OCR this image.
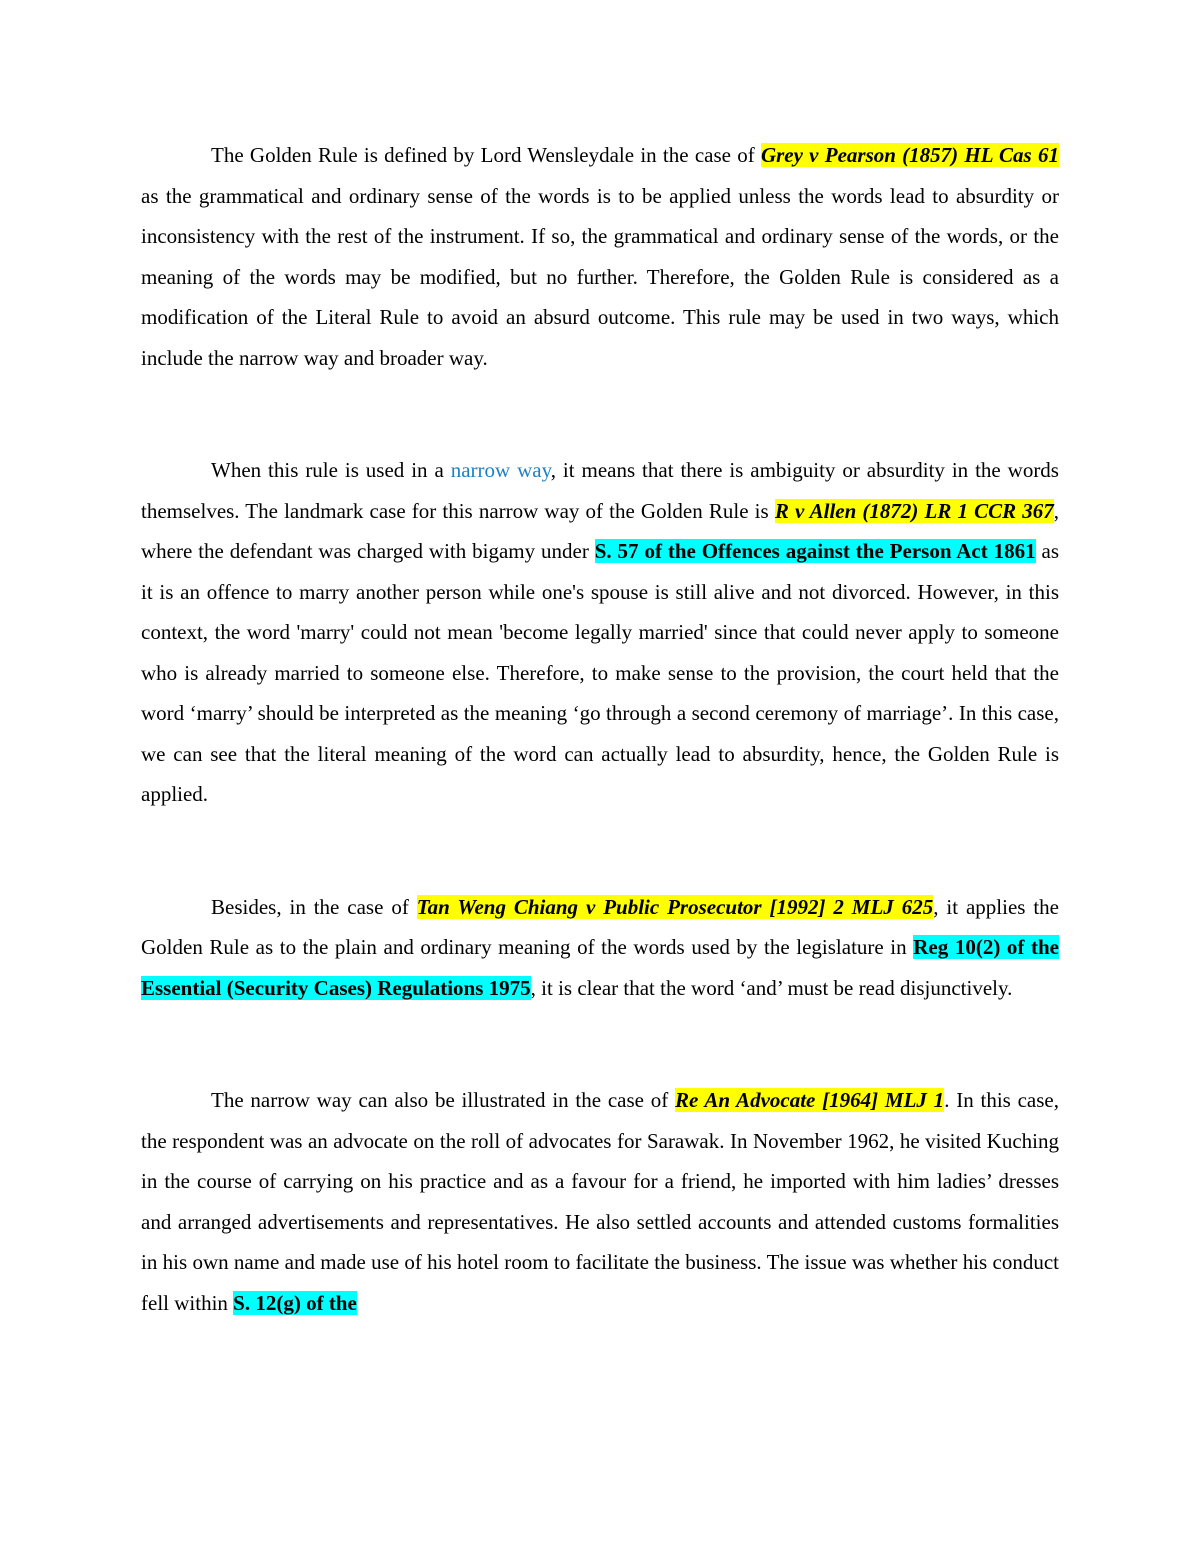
The Golden Rule is defined by Lord Wensleydale in the case of Grey v Pearson (1857) HL Cas 61 as the grammatical and ordinary sense of the words is to be applied unless the words lead to absurdity or inconsistency with the rest of the instrument. If so, the grammatical and ordinary sense of the words, or the meaning of the words may be modified, but no further. Therefore, the Golden Rule is considered as a modification of the Literal Rule to avoid an absurd outcome. This rule may be used in two ways, which include the narrow way and broader way.

When this rule is used in a narrow way, it means that there is ambiguity or absurdity in the words themselves. The landmark case for this narrow way of the Golden Rule is R v Allen (1872) LR 1 CCR 367, where the defendant was charged with bigamy under S. 57 of the Offences against the Person Act 1861 as it is an offence to marry another person while one's spouse is still alive and not divorced. However, in this context, the word 'marry' could not mean 'become legally married' since that could never apply to someone who is already married to someone else. Therefore, to make sense to the provision, the court held that the word ‘marry’ should be interpreted as the meaning ‘go through a second ceremony of marriage’. In this case, we can see that the literal meaning of the word can actually lead to absurdity, hence, the Golden Rule is applied.

Besides, in the case of Tan Weng Chiang v Public Prosecutor [1992] 2 MLJ 625, it applies the Golden Rule as to the plain and ordinary meaning of the words used by the legislature in Reg 10(2) of the Essential (Security Cases) Regulations 1975, it is clear that the word ‘and’ must be read disjunctively.

The narrow way can also be illustrated in the case of Re An Advocate [1964] MLJ 1. In this case, the respondent was an advocate on the roll of advocates for Sarawak. In November 1962, he visited Kuching in the course of carrying on his practice and as a favour for a friend, he imported with him ladies’ dresses and arranged advertisements and representatives. He also settled accounts and attended customs formalities in his own name and made use of his hotel room to facilitate the business. The issue was whether his conduct fell within S. 12(g) of the
